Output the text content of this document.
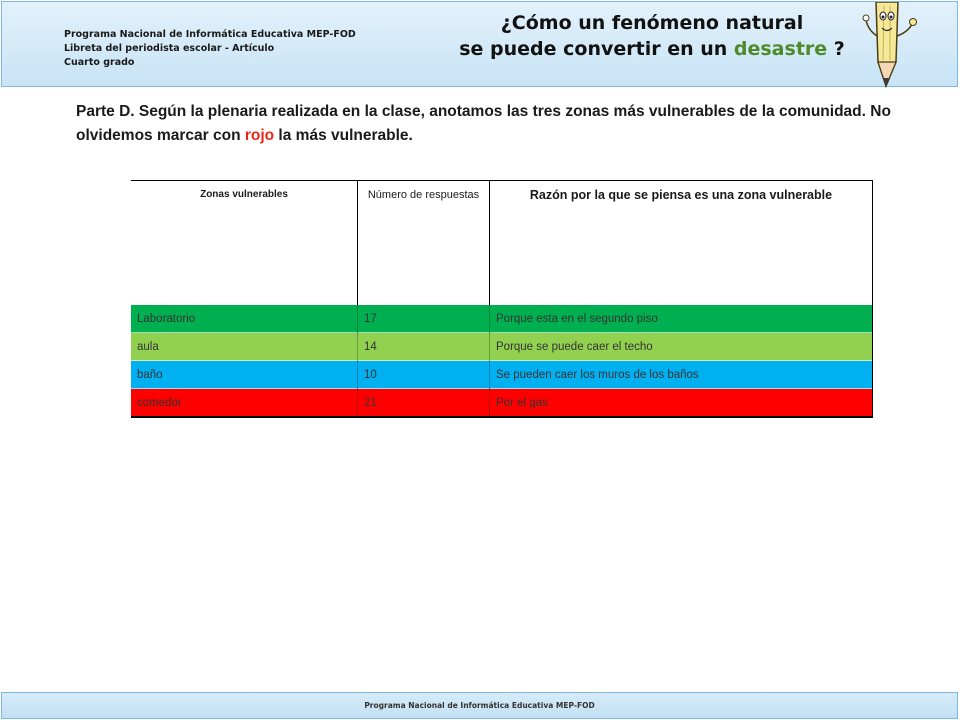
Programa Nacional de Informática Educativa MEP-FOD
Libreta del periodista escolar - Artículo
Cuarto grado
¿Cómo un fenómeno natural
se puede convertir en un desastre ?
Parte D. Según la plenaria realizada en la clase, anotamos las tres zonas más vulnerables de la comunidad. No olvidemos marcar con rojo la más vulnerable.
Zonas vulnerables	Número de respuestas	Razón por la que se piensa es una zona vulnerable
Laboratorio	17	Porque esta en el segundo piso
aula	14	Porque se puede caer el techo
baño	10	Se pueden caer los muros de los baños
comedor	21	Por el gas
Programa Nacional de Informática Educativa MEP-FOD
